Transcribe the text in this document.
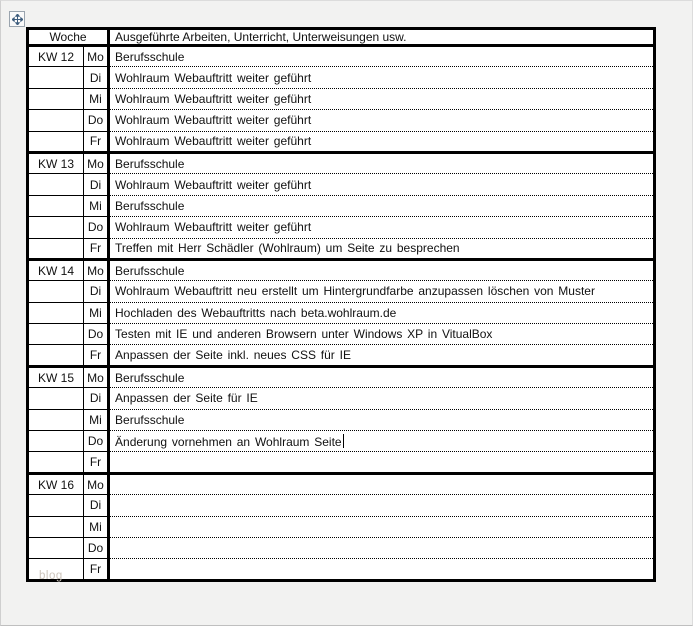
Woche		Ausgeführte Arbeiten, Unterricht, Unterweisungen usw.
KW 12	Mo	Berufsschule
	Di	Wohlraum Webauftritt weiter geführt
	Mi	Wohlraum Webauftritt weiter geführt
	Do	Wohlraum Webauftritt weiter geführt
	Fr	Wohlraum Webauftritt weiter geführt
KW 13	Mo	Berufsschule
	Di	Wohlraum Webauftritt weiter geführt
	Mi	Berufsschule
	Do	Wohlraum Webauftritt weiter geführt
	Fr	Treffen mit Herr Schädler (Wohlraum) um Seite zu besprechen
KW 14	Mo	Berufsschule
	Di	Wohlraum Webauftritt neu erstellt um Hintergrundfarbe anzupassen löschen von Muster
	Mi	Hochladen des Webauftritts nach beta.wohlraum.de
	Do	Testen mit IE und anderen Browsern unter Windows XP in VitualBox
	Fr	Anpassen der Seite inkl. neues CSS für IE
KW 15	Mo	Berufsschule
	Di	Anpassen der Seite für IE
	Mi	Berufsschule
	Do	Änderung vornehmen an Wohlraum Seite
	Fr	
KW 16	Mo	
	Di	
	Mi	
	Do	
	Fr	
blog
